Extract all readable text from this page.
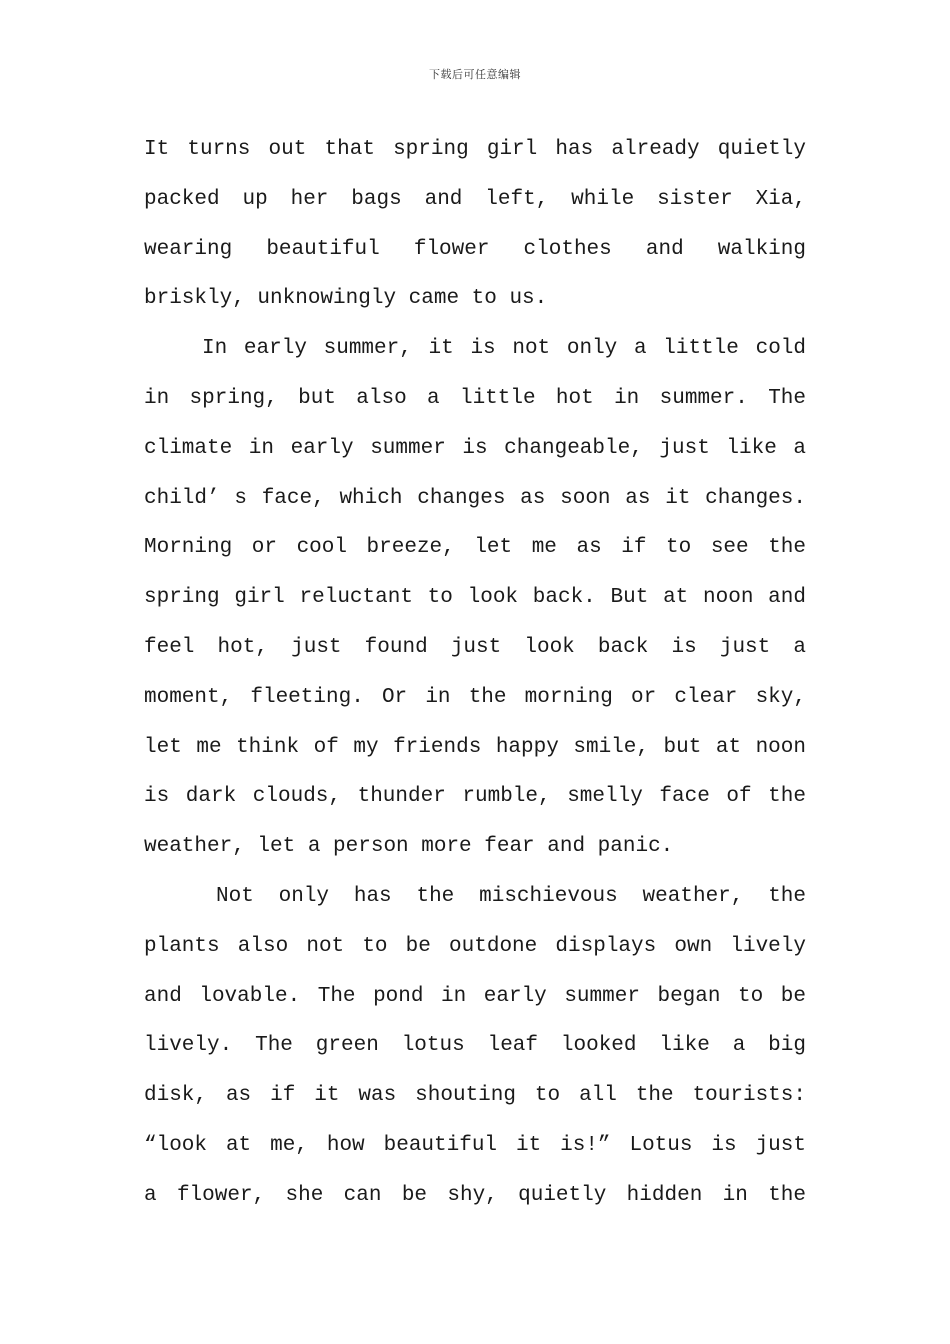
下载后可任意编辑

It turns out that spring girl has already quietly
packed up her bags and left, while sister Xia,
wearing beautiful flower clothes and walking
briskly, unknowingly came to us.

In early summer, it is not only a little cold
in spring, but also a little hot in summer. The
climate in early summer is changeable, just like a
child’ s face, which changes as soon as it changes.
Morning or cool breeze, let me as if to see the
spring girl reluctant to look back. But at noon and
feel hot, just found just look back is just a
moment, fleeting. Or in the morning or clear sky,
let me think of my friends happy smile, but at noon
is dark clouds, thunder rumble, smelly face of the
weather, let a person more fear and panic.

Not only has the mischievous weather, the
plants also not to be outdone displays own lively
and lovable. The pond in early summer began to be
lively. The green lotus leaf looked like a big
disk, as if it was shouting to all the tourists:
“look at me, how beautiful it is!” Lotus is just
a flower, she can be shy, quietly hidden in the
